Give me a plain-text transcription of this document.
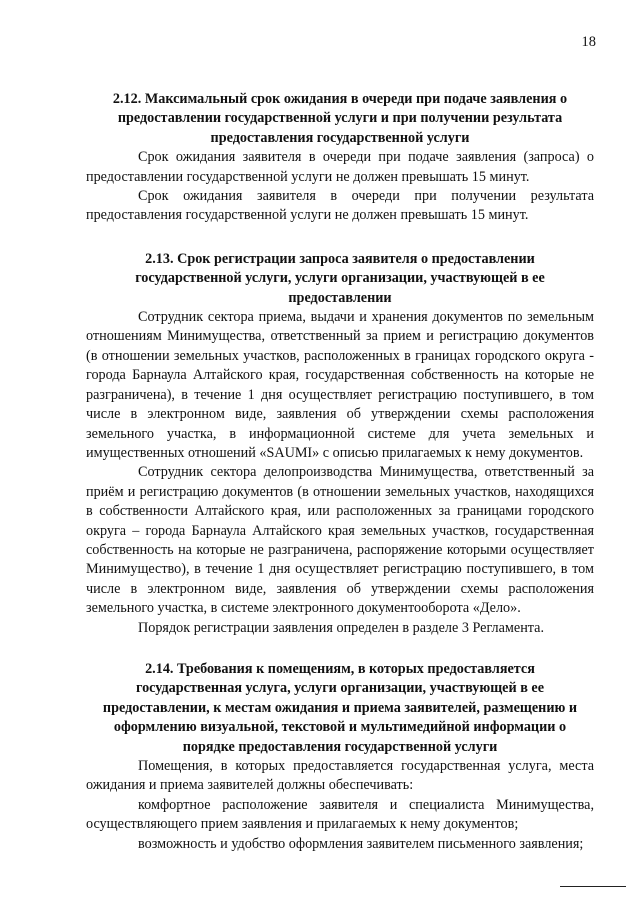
18

2.12. Максимальный срок ожидания в очереди при подаче заявления о предоставлении государственной услуги и при получении результата предоставления государственной услуги

Срок ожидания заявителя в очереди при подаче заявления (запроса) о предоставлении государственной услуги не должен превышать 15 минут.

Срок ожидания заявителя в очереди при получении результата предоставления государственной услуги не должен превышать 15 минут.

2.13. Срок регистрации запроса заявителя о предоставлении государственной услуги, услуги организации, участвующей в ее предоставлении

Сотрудник сектора приема, выдачи и хранения документов по земельным отношениям Минимущества, ответственный за прием и регистрацию документов (в отношении земельных участков, расположенных в границах городского округа - города Барнаула Алтайского края, государственная собственность на которые не разграничена), в течение 1 дня осуществляет регистрацию поступившего, в том числе в электронном виде, заявления об утверждении схемы расположения земельного участка, в информационной системе для учета земельных и имущественных отношений «SAUMI» с описью прилагаемых к нему документов.

Сотрудник сектора делопроизводства Минимущества, ответственный за приём и регистрацию документов (в отношении земельных участков, находящихся в собственности Алтайского края, или расположенных за границами городского округа – города Барнаула Алтайского края земельных участков, государственная собственность на которые не разграничена, распоряжение которыми осуществляет Минимущество), в течение 1 дня осуществляет регистрацию поступившего, в том числе в электронном виде, заявления об утверждении схемы расположения земельного участка, в системе электронного документооборота «Дело».

Порядок регистрации заявления определен в разделе 3 Регламента.

2.14. Требования к помещениям, в которых предоставляется государственная услуга, услуги организации, участвующей в ее предоставлении, к местам ожидания и приема заявителей, размещению и оформлению визуальной, текстовой и мультимедийной информации о порядке предоставления государственной услуги

Помещения, в которых предоставляется государственная услуга, места ожидания и приема заявителей должны обеспечивать:

комфортное расположение заявителя и специалиста Минимущества, осуществляющего прием заявления и прилагаемых к нему документов;

возможность и удобство оформления заявителем письменного заявления;
